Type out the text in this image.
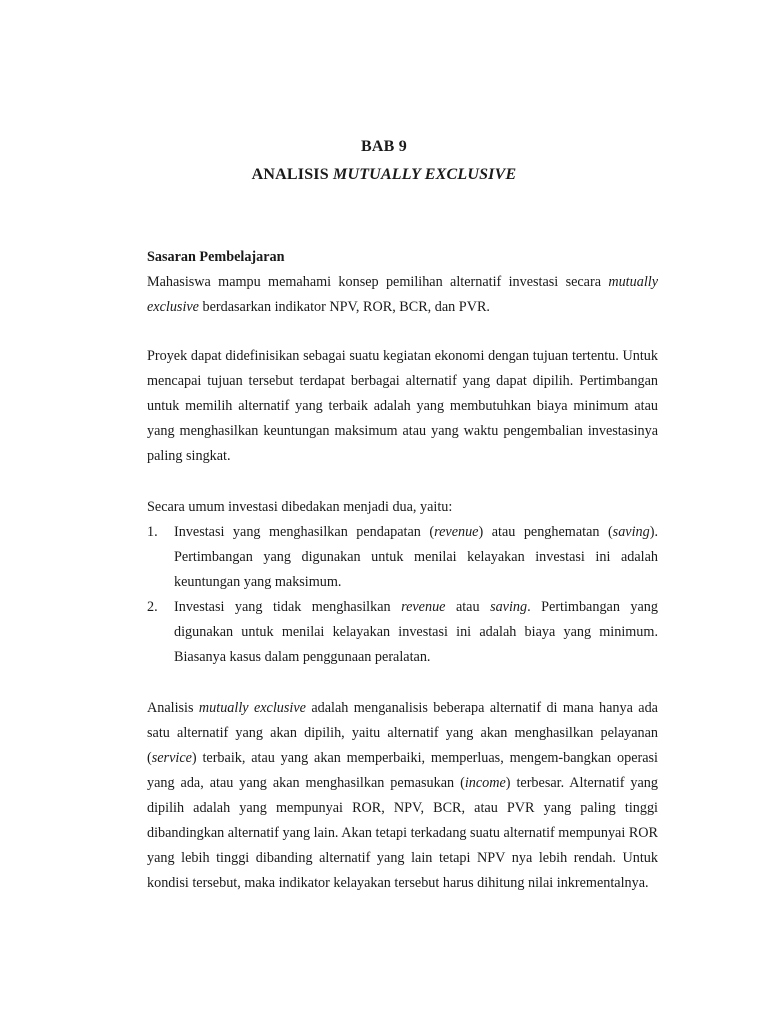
BAB 9
ANALISIS MUTUALLY EXCLUSIVE
Sasaran Pembelajaran

Mahasiswa mampu memahami konsep pemilihan alternatif investasi secara mutually exclusive berdasarkan indikator NPV, ROR, BCR, dan PVR.

Proyek dapat didefinisikan sebagai suatu kegiatan ekonomi dengan tujuan tertentu. Untuk mencapai tujuan tersebut terdapat berbagai alternatif yang dapat dipilih. Pertimbangan untuk memilih alternatif yang terbaik adalah yang membutuhkan biaya minimum atau yang menghasilkan keuntungan maksimum atau yang waktu pengembalian investasinya paling singkat.

Secara umum investasi dibedakan menjadi dua, yaitu:

1. Investasi yang menghasilkan pendapatan (revenue) atau penghematan (saving). Pertimbangan yang digunakan untuk menilai kelayakan investasi ini adalah keuntungan yang maksimum.
2. Investasi yang tidak menghasilkan revenue atau saving. Pertimbangan yang digunakan untuk menilai kelayakan investasi ini adalah biaya yang minimum. Biasanya kasus dalam penggunaan peralatan.

Analisis mutually exclusive adalah menganalisis beberapa alternatif di mana hanya ada satu alternatif yang akan dipilih, yaitu alternatif yang akan menghasilkan pelayanan (service) terbaik, atau yang akan memperbaiki, memperluas, mengem-bangkan operasi yang ada, atau yang akan menghasilkan pemasukan (income) terbesar. Alternatif yang dipilih adalah yang mempunyai ROR, NPV, BCR, atau PVR yang paling tinggi dibandingkan alternatif yang lain. Akan tetapi terkadang suatu alternatif mempunyai ROR yang lebih tinggi dibanding alternatif yang lain tetapi NPV nya lebih rendah. Untuk kondisi tersebut, maka indikator kelayakan tersebut harus dihitung nilai inkrementalnya.
